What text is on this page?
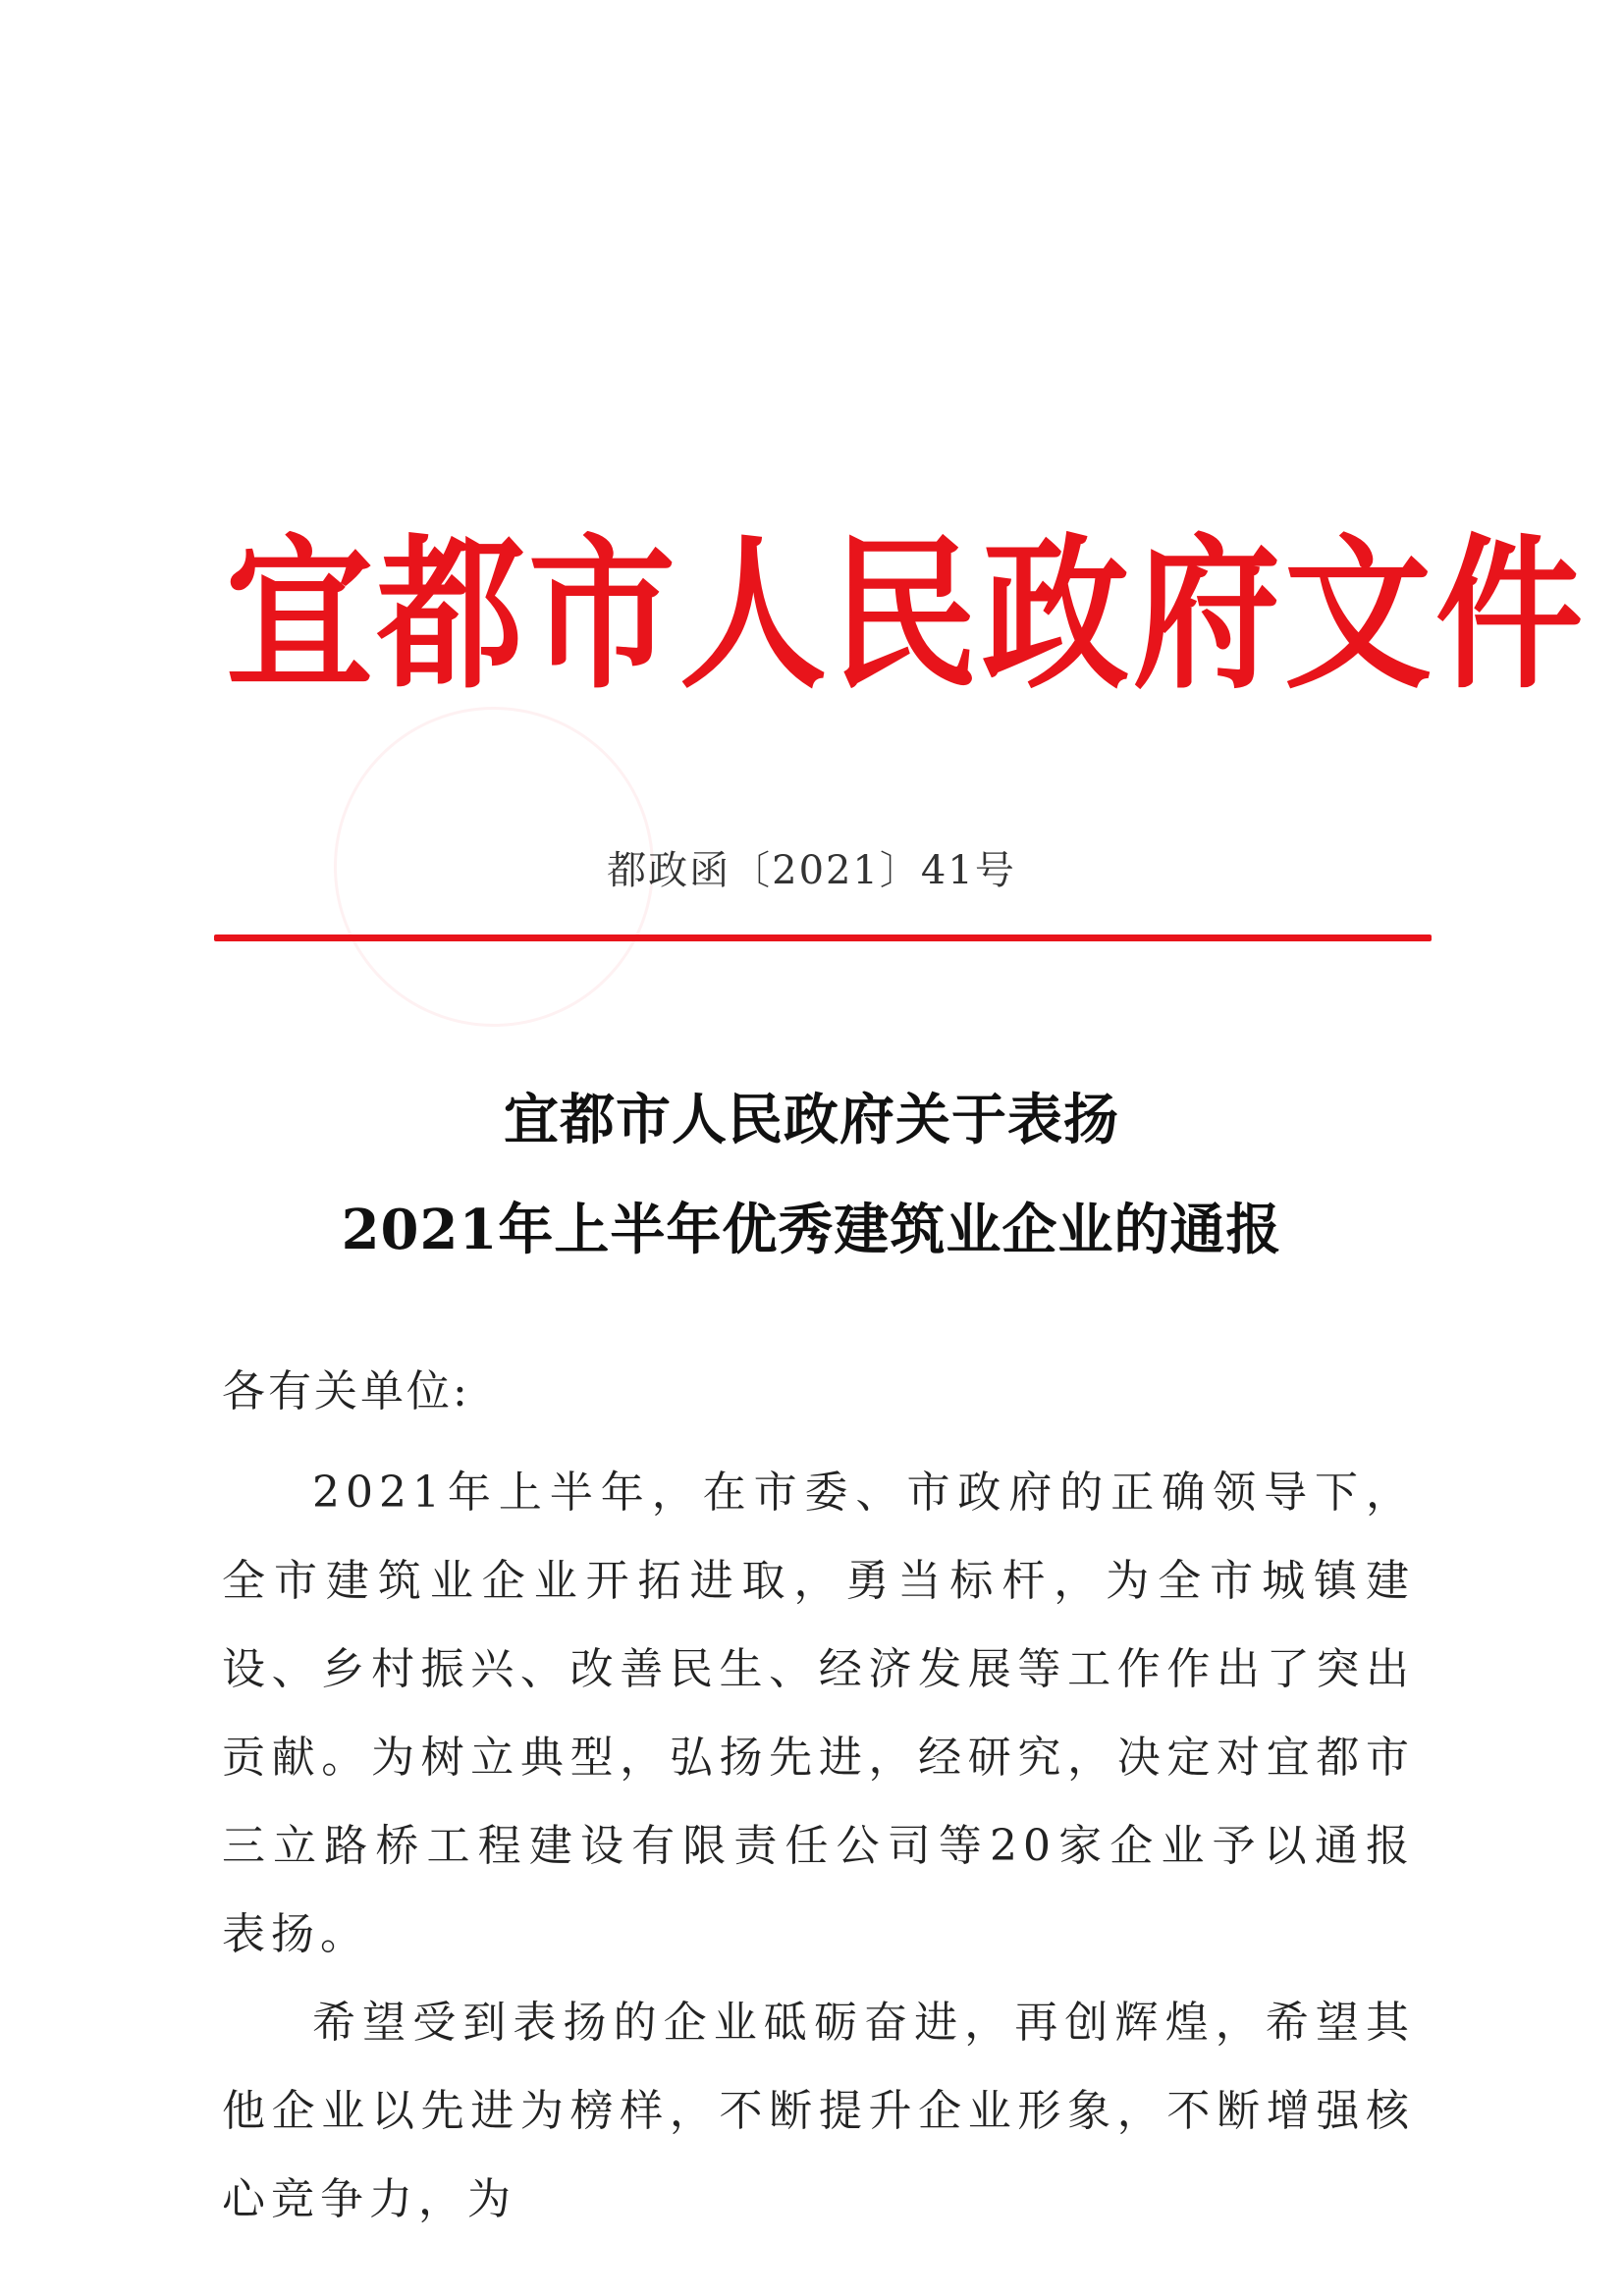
宜都市人民政府文件
都政函〔2021〕41号
宜都市人民政府关于表扬
2021年上半年优秀建筑业企业的通报
各有关单位:

2021年上半年，在市委、市政府的正确领导下，全市建筑业企业开拓进取，勇当标杆，为全市城镇建设、乡村振兴、改善民生、经济发展等工作作出了突出贡献。为树立典型，弘扬先进，经研究，决定对宜都市三立路桥工程建设有限责任公司等20家企业予以通报表扬。

希望受到表扬的企业砥砺奋进，再创辉煌，希望其他企业以先进为榜样，不断提升企业形象，不断增强核心竞争力，为
